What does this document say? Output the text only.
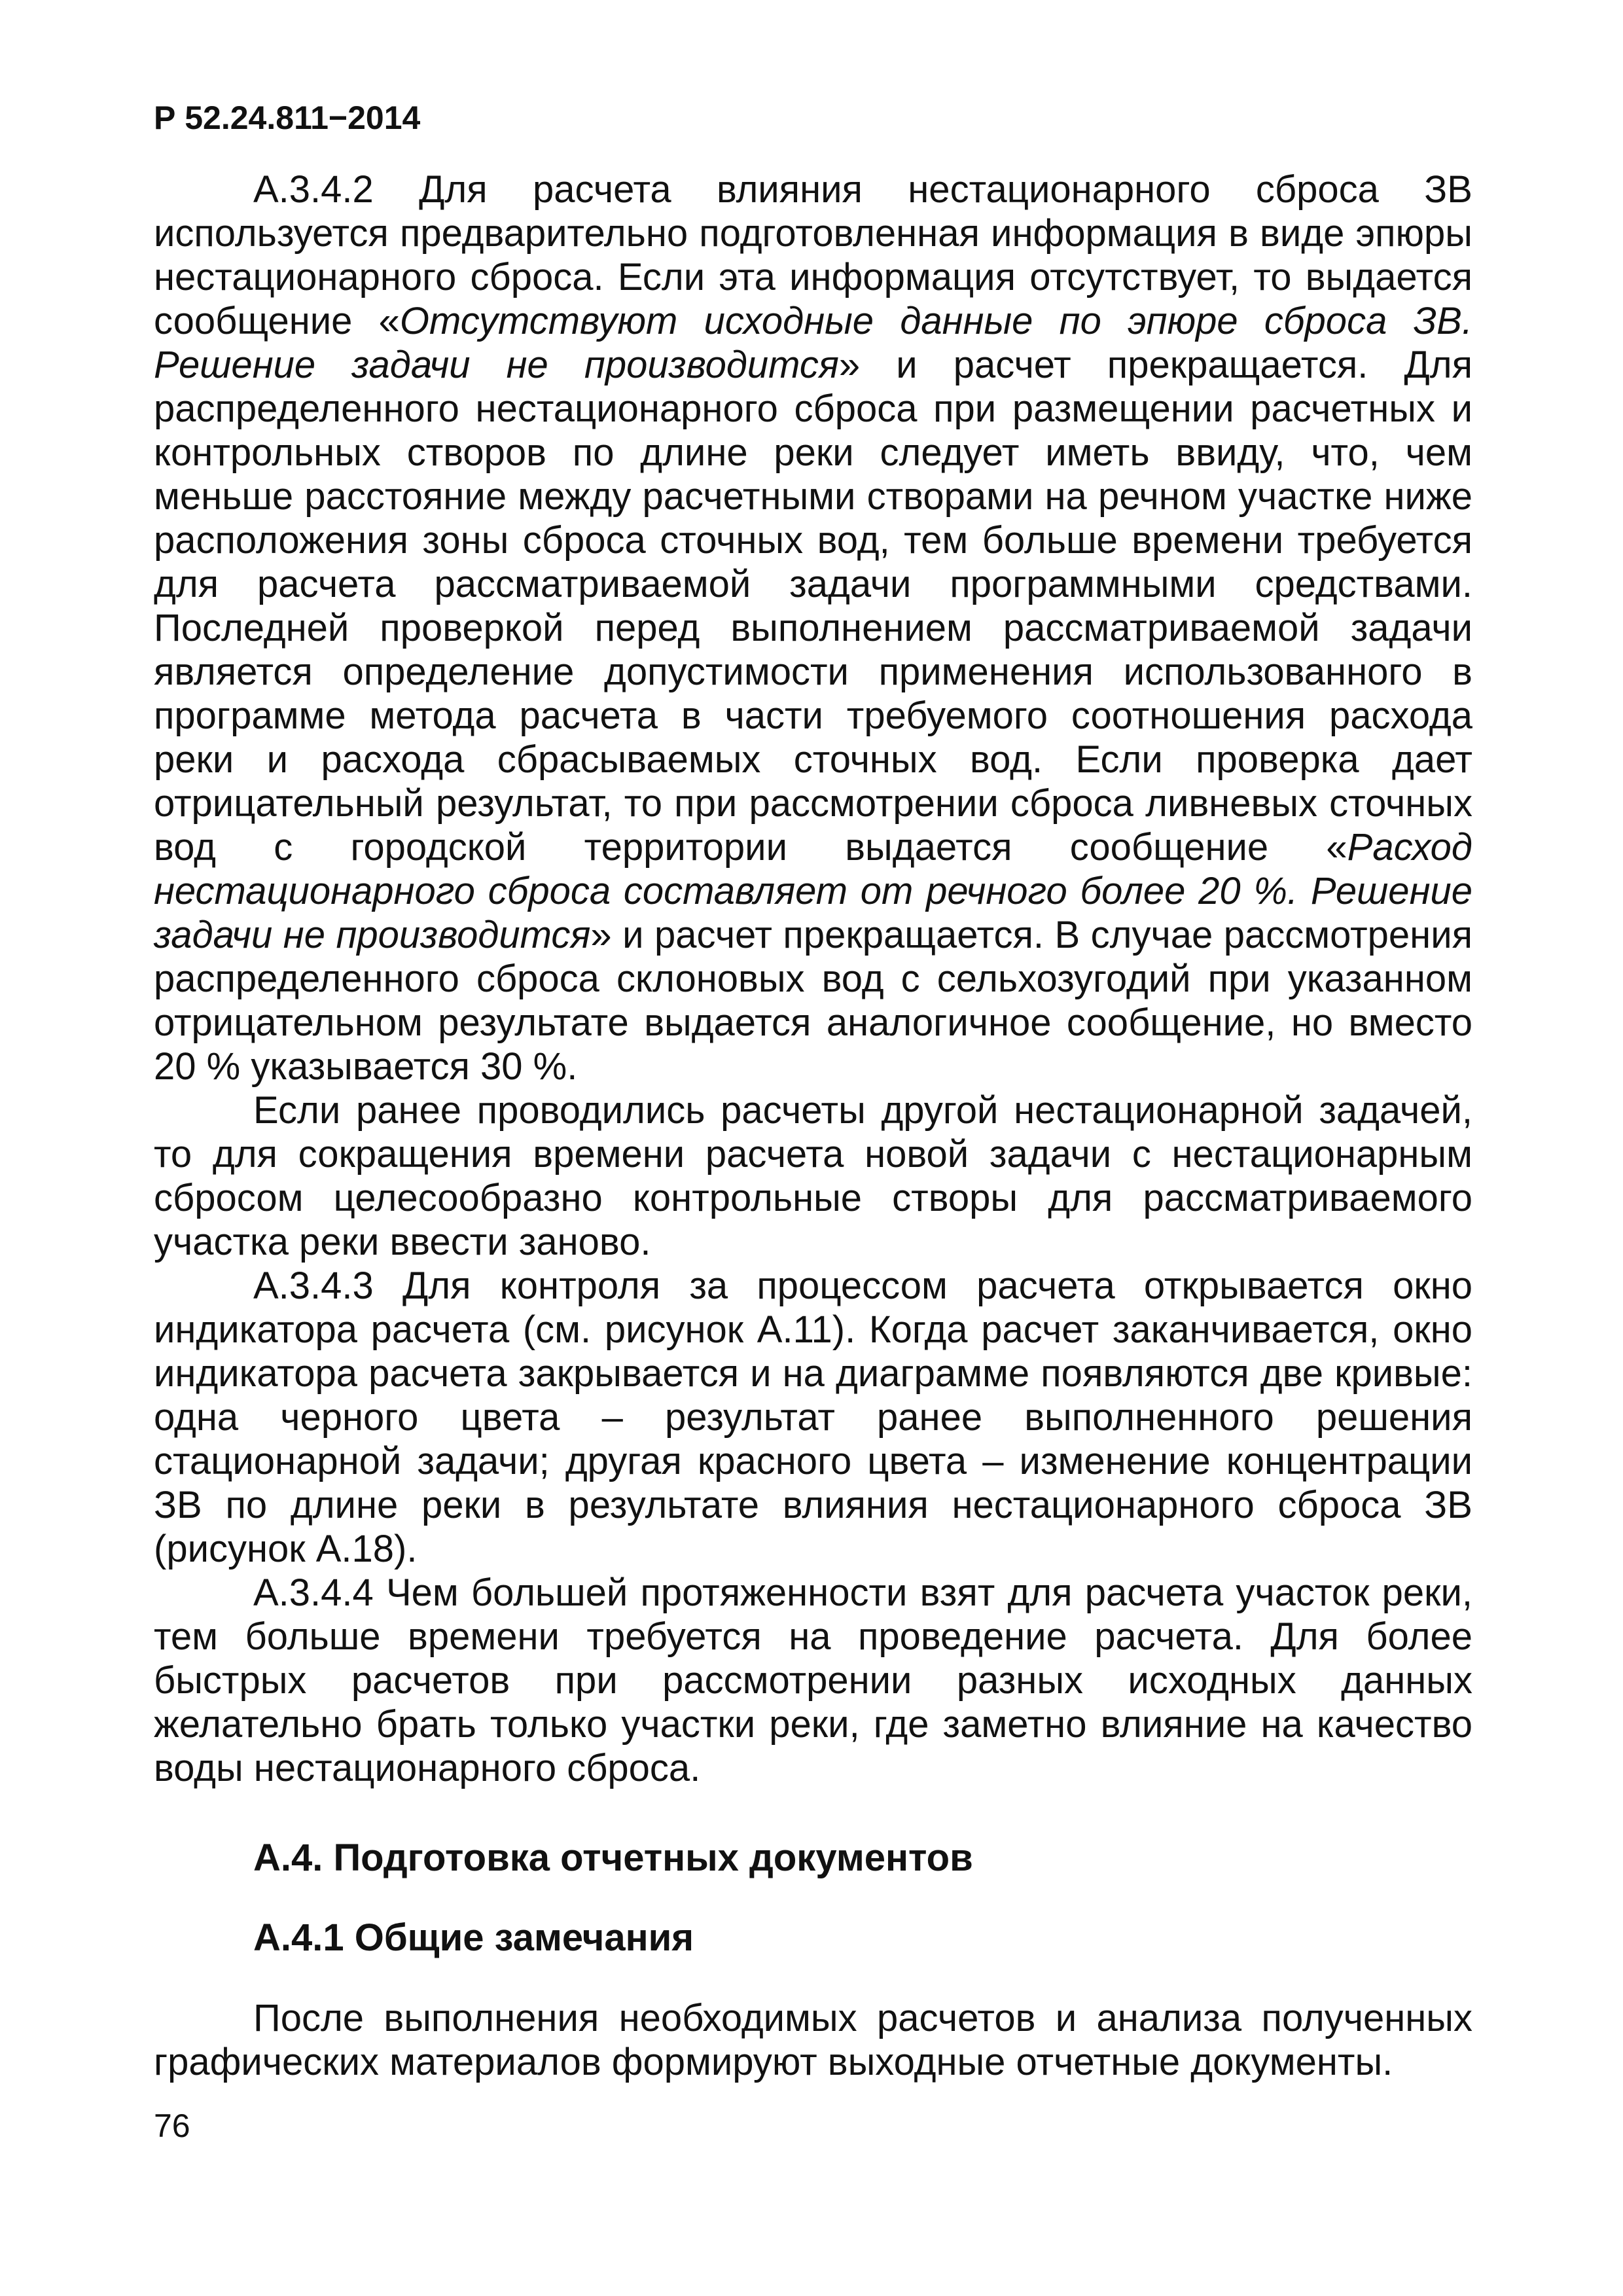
Р 52.24.811−2014

А.3.4.2 Для расчета влияния нестационарного сброса ЗВ используется предварительно подготовленная информация в виде эпюры нестационарного сброса. Если эта информация отсутствует, то выдается сообщение «Отсутствуют исходные данные по эпюре сброса ЗВ. Решение задачи не производится» и расчет прекращается. Для распределенного нестационарного сброса при размещении расчетных и контрольных створов по длине реки следует иметь ввиду, что, чем меньше расстояние между расчетными створами на речном участке ниже расположения зоны сброса сточных вод, тем больше времени требуется для расчета рассматриваемой задачи программными средствами. Последней проверкой перед выполнением рассматриваемой задачи является определение допустимости применения использованного в программе метода расчета в части требуемого соотношения расхода реки и расхода сбрасываемых сточных вод. Если проверка дает отрицательный результат, то при рассмотрении сброса ливневых сточных вод с городской территории выдается сообщение «Расход нестационарного сброса составляет от речного более 20 %. Решение задачи не производится» и расчет прекращается. В случае рассмотрения распределенного сброса склоновых вод с сельхозугодий при указанном отрицательном результате выдается аналогичное сообщение, но вместо 20 % указывается 30 %.

Если ранее проводились расчеты другой нестационарной задачей, то для сокращения времени расчета новой задачи с нестационарным сбросом целесообразно контрольные створы для рассматриваемого участка реки ввести заново.

А.3.4.3 Для контроля за процессом расчета открывается окно индикатора расчета (см. рисунок А.11). Когда расчет заканчивается, окно индикатора расчета закрывается и на диаграмме появляются две кривые: одна черного цвета – результат ранее выполненного решения стационарной задачи; другая красного цвета – изменение концентрации ЗВ по длине реки в результате влияния нестационарного сброса ЗВ (рисунок А.18).

А.3.4.4 Чем большей протяженности взят для расчета участок реки, тем больше времени требуется на проведение расчета. Для более быстрых расчетов при рассмотрении разных исходных данных желательно брать только участки реки, где заметно влияние на качество воды нестационарного сброса.

А.4. Подготовка отчетных документов
А.4.1 Общие замечания

После выполнения необходимых расчетов и анализа полученных графических материалов формируют выходные отчетные документы.

76
